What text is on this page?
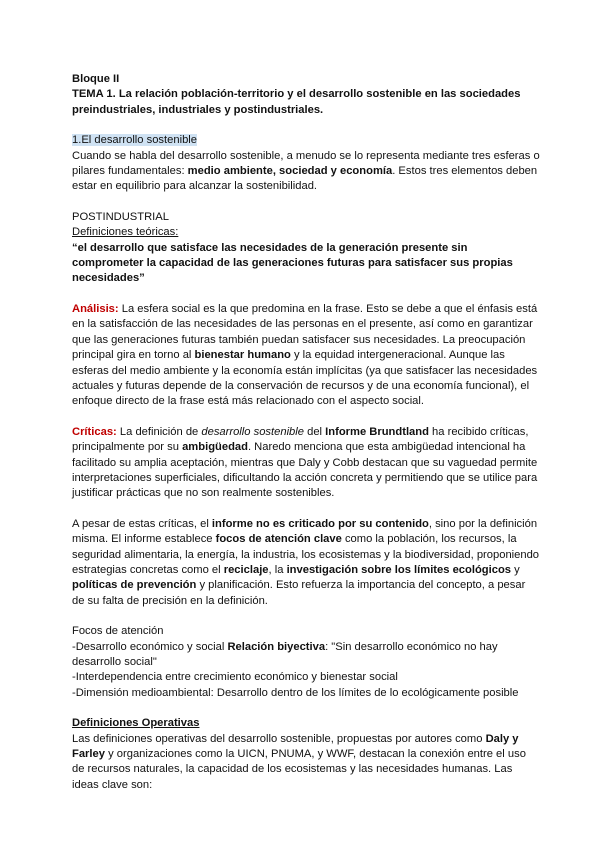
Bloque II

TEMA 1. La relación población-territorio y el desarrollo sostenible en las sociedades preindustriales, industriales y postindustriales.

1.El desarrollo sostenible

Cuando se habla del desarrollo sostenible, a menudo se lo representa mediante tres esferas o pilares fundamentales: medio ambiente, sociedad y economía. Estos tres elementos deben estar en equilibrio para alcanzar la sostenibilidad.

POSTINDUSTRIAL

Definiciones teóricas:

“el desarrollo que satisface las necesidades de la generación presente sin comprometer la capacidad de las generaciones futuras para satisfacer sus propias necesidades”

Análisis: La esfera social es la que predomina en la frase. Esto se debe a que el énfasis está en la satisfacción de las necesidades de las personas en el presente, así como en garantizar que las generaciones futuras también puedan satisfacer sus necesidades. La preocupación principal gira en torno al bienestar humano y la equidad intergeneracional. Aunque las esferas del medio ambiente y la economía están implícitas (ya que satisfacer las necesidades actuales y futuras depende de la conservación de recursos y de una economía funcional), el enfoque directo de la frase está más relacionado con el aspecto social.

Críticas: La definición de desarrollo sostenible del Informe Brundtland ha recibido críticas, principalmente por su ambigüedad. Naredo menciona que esta ambigüedad intencional ha facilitado su amplia aceptación, mientras que Daly y Cobb destacan que su vaguedad permite interpretaciones superficiales, dificultando la acción concreta y permitiendo que se utilice para justificar prácticas que no son realmente sostenibles.

A pesar de estas críticas, el informe no es criticado por su contenido, sino por la definición misma. El informe establece focos de atención clave como la población, los recursos, la seguridad alimentaria, la energía, la industria, los ecosistemas y la biodiversidad, proponiendo estrategias concretas como el reciclaje, la investigación sobre los límites ecológicos y políticas de prevención y planificación. Esto refuerza la importancia del concepto, a pesar de su falta de precisión en la definición.

Focos de atención

-Desarrollo económico y social Relación biyectiva: "Sin desarrollo económico no hay desarrollo social"

-Interdependencia entre crecimiento económico y bienestar social

-Dimensión medioambiental: Desarrollo dentro de los límites de lo ecológicamente posible

Definiciones Operativas

Las definiciones operativas del desarrollo sostenible, propuestas por autores como Daly y Farley y organizaciones como la UICN, PNUMA, y WWF, destacan la conexión entre el uso de recursos naturales, la capacidad de los ecosistemas y las necesidades humanas. Las ideas clave son:
